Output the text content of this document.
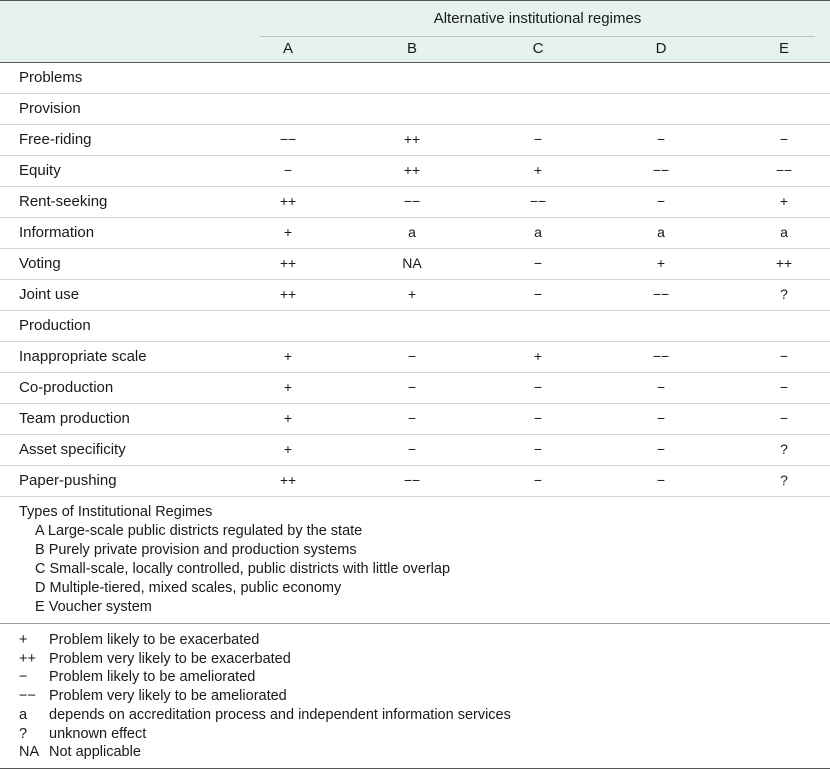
Alternative institutional regimes
A	B	C	D	E
Problems
Provision
Free-riding	−−	++	−	−	−
Equity	−	++	+	−−	−−
Rent-seeking	++	−−	−−	−	+
Information	+	a	a	a	a
Voting	++	NA	−	+	++
Joint use	++	+	−	−−	?
Production
Inappropriate scale	+	−	+	−−	−
Co-production	+	−	−	−	−
Team production	+	−	−	−	−
Asset specificity	+	−	−	−	?
Paper-pushing	++	−−	−	−	?
Types of Institutional Regimes
A Large-scale public districts regulated by the state
B Purely private provision and production systems
C Small-scale, locally controlled, public districts with little overlap
D Multiple-tiered, mixed scales, public economy
E Voucher system
+	Problem likely to be exacerbated
++ Problem very likely to be exacerbated
−	Problem likely to be ameliorated
−− Problem very likely to be ameliorated
a	depends on accreditation process and independent information services
?	unknown effect
NA Not applicable
